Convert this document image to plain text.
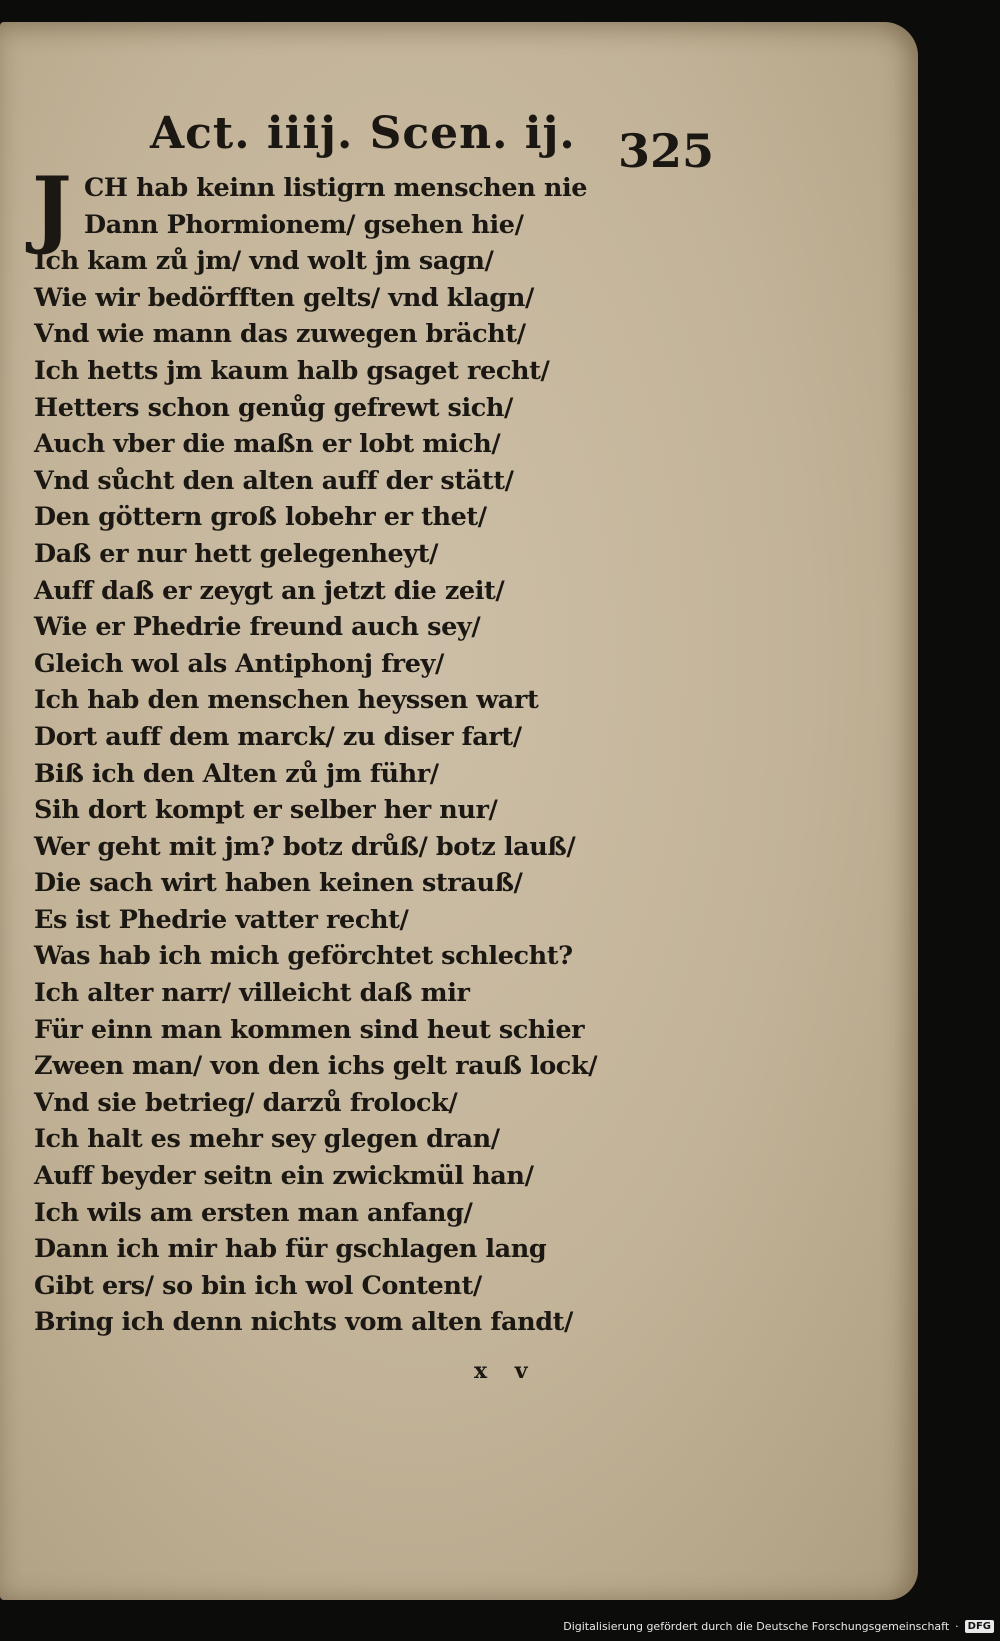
Act. iiij. Scen. ij. 325
J CH hab keinn listigrn menschen nie

Dann Phormionem/ gsehen hie/
Ich kam zů jm/ vnd wolt jm sagn/
Wie wir bedörfften gelts/ vnd klagn/
Vnd wie mann das zuwegen brächt/
Ich hetts jm kaum halb gsaget recht/
Hetters schon genůg gefrewt sich/
Auch vber die maßn er lobt mich/
Vnd sůcht den alten auff der stätt/
Den göttern groß lobehr er thet/
Daß er nur hett gelegenheyt/
Auff daß er zeygt an jetzt die zeit/
Wie er Phedrie freund auch sey/
Gleich wol als Antiphonj frey/
Ich hab den menschen heyssen wart
Dort auff dem marck/ zu diser fart/
Biß ich den Alten zů jm führ/
Sih dort kompt er selber her nur/
Wer geht mit jm? botz drůß/ botz lauß/
Die sach wirt haben keinen strauß/
Es ist Phedrie vatter recht/
Was hab ich mich geförchtet schlecht?
Ich alter narr/ villeicht daß mir
Für einn man kommen sind heut schier
Zween man/ von den ichs gelt rauß lock/
Vnd sie betrieg/ darzů frolock/
Ich halt es mehr sey glegen dran/
Auff beyder seitn ein zwickmül han/
Ich wils am ersten man anfang/
Dann ich mir hab für gschlagen lang
Gibt ers/ so bin ich wol Content/
Bring ich denn nichts vom alten fandt/
x v
Digitalisierung gefördert durch die Deutsche Forschungsgemeinschaft · DFG
